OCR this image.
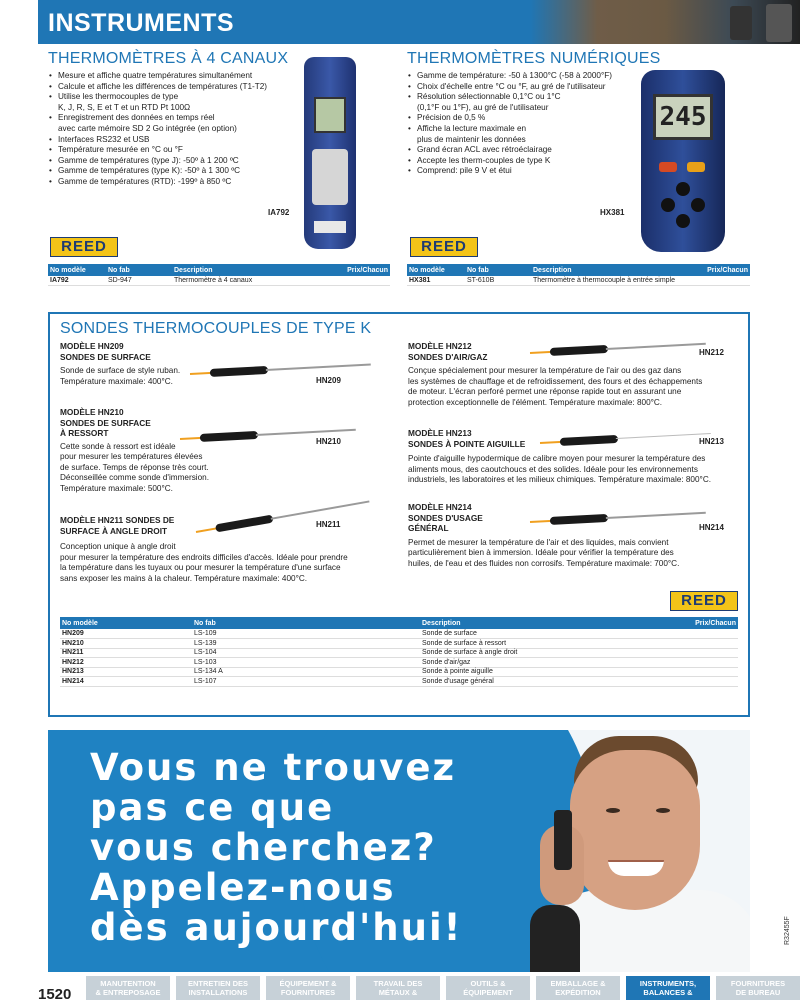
INSTRUMENTS
THERMOMÈTRES À 4 CANAUX
• Mesure et affiche quatre températures simultanément
• Calcule et affiche les différences de températures (T1-T2)
• Utilise les thermocouples de type
K, J, R, S, E et T et un RTD Pt 100Ω
• Enregistrement des données en temps réel
avec carte mémoire SD 2 Go intégrée (en option)
• Interfaces RS232 et USB
• Température mesurée en °C ou °F
• Gamme de températures (type J): -50º à 1 200 ºC
• Gamme de températures (type K): -50º à 1 300 ºC
• Gamme de températures (RTD): -199º à 850 ºC
IA792
REED
No modèle	No fab	Description	Prix/Chacun
IA792	SD-947	Thermomètre à 4 canaux	
THERMOMÈTRES NUMÉRIQUES
• Gamme de température: -50 à 1300°C (-58 à 2000°F)
• Choix d'échelle entre °C ou °F, au gré de l'utilisateur
• Résolution sélectionnable 0,1°C ou 1°C
(0,1°F ou 1°F), au gré de l'utilisateur
• Précision de 0,5 %
• Affiche la lecture maximale en
plus de maintenir les données
• Grand écran ACL avec rétroéclairage
• Accepte les therm-couples de type K
• Comprend: pile 9 V et étui
245
HX381
REED
No modèle	No fab	Description	Prix/Chacun
HX381	ST-610B	Thermomètre à thermocouple à entrée simple	
SONDES THERMOCOUPLES DE TYPE K
MODÈLE HN209
SONDES DE SURFACE
Sonde de surface de style ruban.
Température maximale: 400°C.	HN209
MODÈLE HN210
SONDES DE SURFACE
À RESSORT
Cette sonde à ressort est idéale
pour mesurer les températures élevées
de surface. Temps de réponse très court.
Déconseillée comme sonde d'immersion.
Température maximale: 500°C.
HN210
MODÈLE HN211 SONDES DE
SURFACE À ANGLE DROIT
Conception unique à angle droit
pour mesurer la température des endroits difficiles d'accès. Idéale pour prendre
la température dans les tuyaux ou pour mesurer la température d'une surface
sans exposer les mains à la chaleur. Température maximale: 400°C.
HN211
MODÈLE HN212
SONDES D'AIR/GAZ
Conçue spécialement pour mesurer la température de l'air ou des gaz dans
les systèmes de chauffage et de refroidissement, des fours et des échappements
de moteur. L'écran perforé permet une réponse rapide tout en assurant une
protection exceptionnelle de l'élément. Température maximale: 800°C.
HN212
MODÈLE HN213
SONDES À POINTE AIGUILLE
Pointe d'aiguille hypodermique de calibre moyen pour mesurer la température des
aliments mous, des caoutchoucs et des solides. Idéale pour les environnements
industriels, les laboratoires et les milieux chimiques. Température maximale: 800°C.
HN213
MODÈLE HN214
SONDES D'USAGE
GÉNÉRAL
Permet de mesurer la température de l'air et des liquides, mais convient
particulièrement bien à immersion. Idéale pour vérifier la température des
huiles, de l'eau et des fluides non corrosifs. Température maximale: 700°C.
HN214
REED
No modèle	No fab	Description	Prix/Chacun
HN209	LS-109	Sonde de surface	
HN210	LS-139	Sonde de surface à ressort	
HN211	LS-104	Sonde de surface à angle droit	
HN212	LS-103	Sonde d'air/gaz	
HN213	LS-134 A	Sonde à pointe aiguille	
HN214	LS-107	Sonde d'usage général	
Vous ne trouvez
pas ce que
vous cherchez?
Appelez-nous
dès aujourd'hui!	R32455F
1520
MANUTENTION
& ENTREPOSAGE
ENTRETIEN DES
INSTALLATIONS
ÉQUIPEMENT &
FOURNITURES
TRAVAIL DES
MÉTAUX &
OUTILS &
ÉQUIPEMENT
EMBALLAGE &
EXPÉDITION
INSTRUMENTS,
BALANCES &
FOURNITURES
DE BUREAU
